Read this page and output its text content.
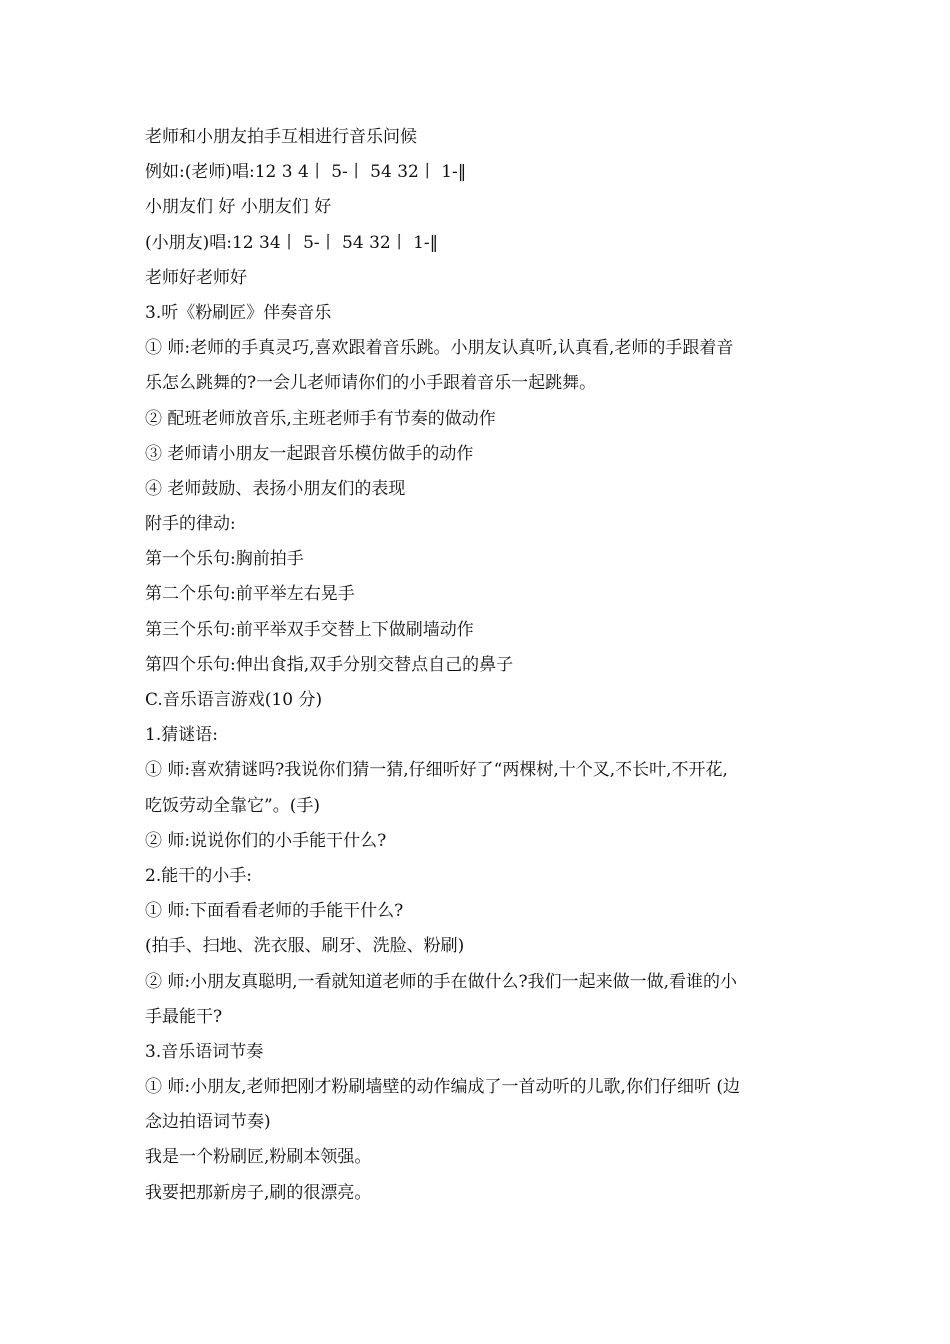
老师和小朋友拍手互相进行音乐问候

例如:(老师)唱:12 3 4丨 5-丨 54 32丨 1-‖

小朋友们 好 小朋友们 好

(小朋友)唱:12 34丨 5-丨 54 32丨 1-‖

老师好老师好

3.听《粉刷匠》伴奏音乐

① 师:老师的手真灵巧,喜欢跟着音乐跳。小朋友认真听,认真看,老师的手跟着音

乐怎么跳舞的?一会儿老师请你们的小手跟着音乐一起跳舞。

② 配班老师放音乐,主班老师手有节奏的做动作

③ 老师请小朋友一起跟音乐模仿做手的动作

④ 老师鼓励、表扬小朋友们的表现

附手的律动:

第一个乐句:胸前拍手

第二个乐句:前平举左右晃手

第三个乐句:前平举双手交替上下做刷墙动作

第四个乐句:伸出食指,双手分别交替点自己的鼻子

C.音乐语言游戏(10 分)

1.猜谜语:

① 师:喜欢猜谜吗?我说你们猜一猜,仔细听好了“两棵树,十个叉,不长叶,不开花,

吃饭劳动全靠它”。(手)

② 师:说说你们的小手能干什么?

2.能干的小手:

① 师:下面看看老师的手能干什么?

(拍手、扫地、洗衣服、刷牙、洗脸、粉刷)

② 师:小朋友真聪明,一看就知道老师的手在做什么?我们一起来做一做,看谁的小

手最能干?

3.音乐语词节奏

① 师:小朋友,老师把刚才粉刷墙壁的动作编成了一首动听的儿歌,你们仔细听 (边

念边拍语词节奏)

我是一个粉刷匠,粉刷本领强。

我要把那新房子,刷的很漂亮。
